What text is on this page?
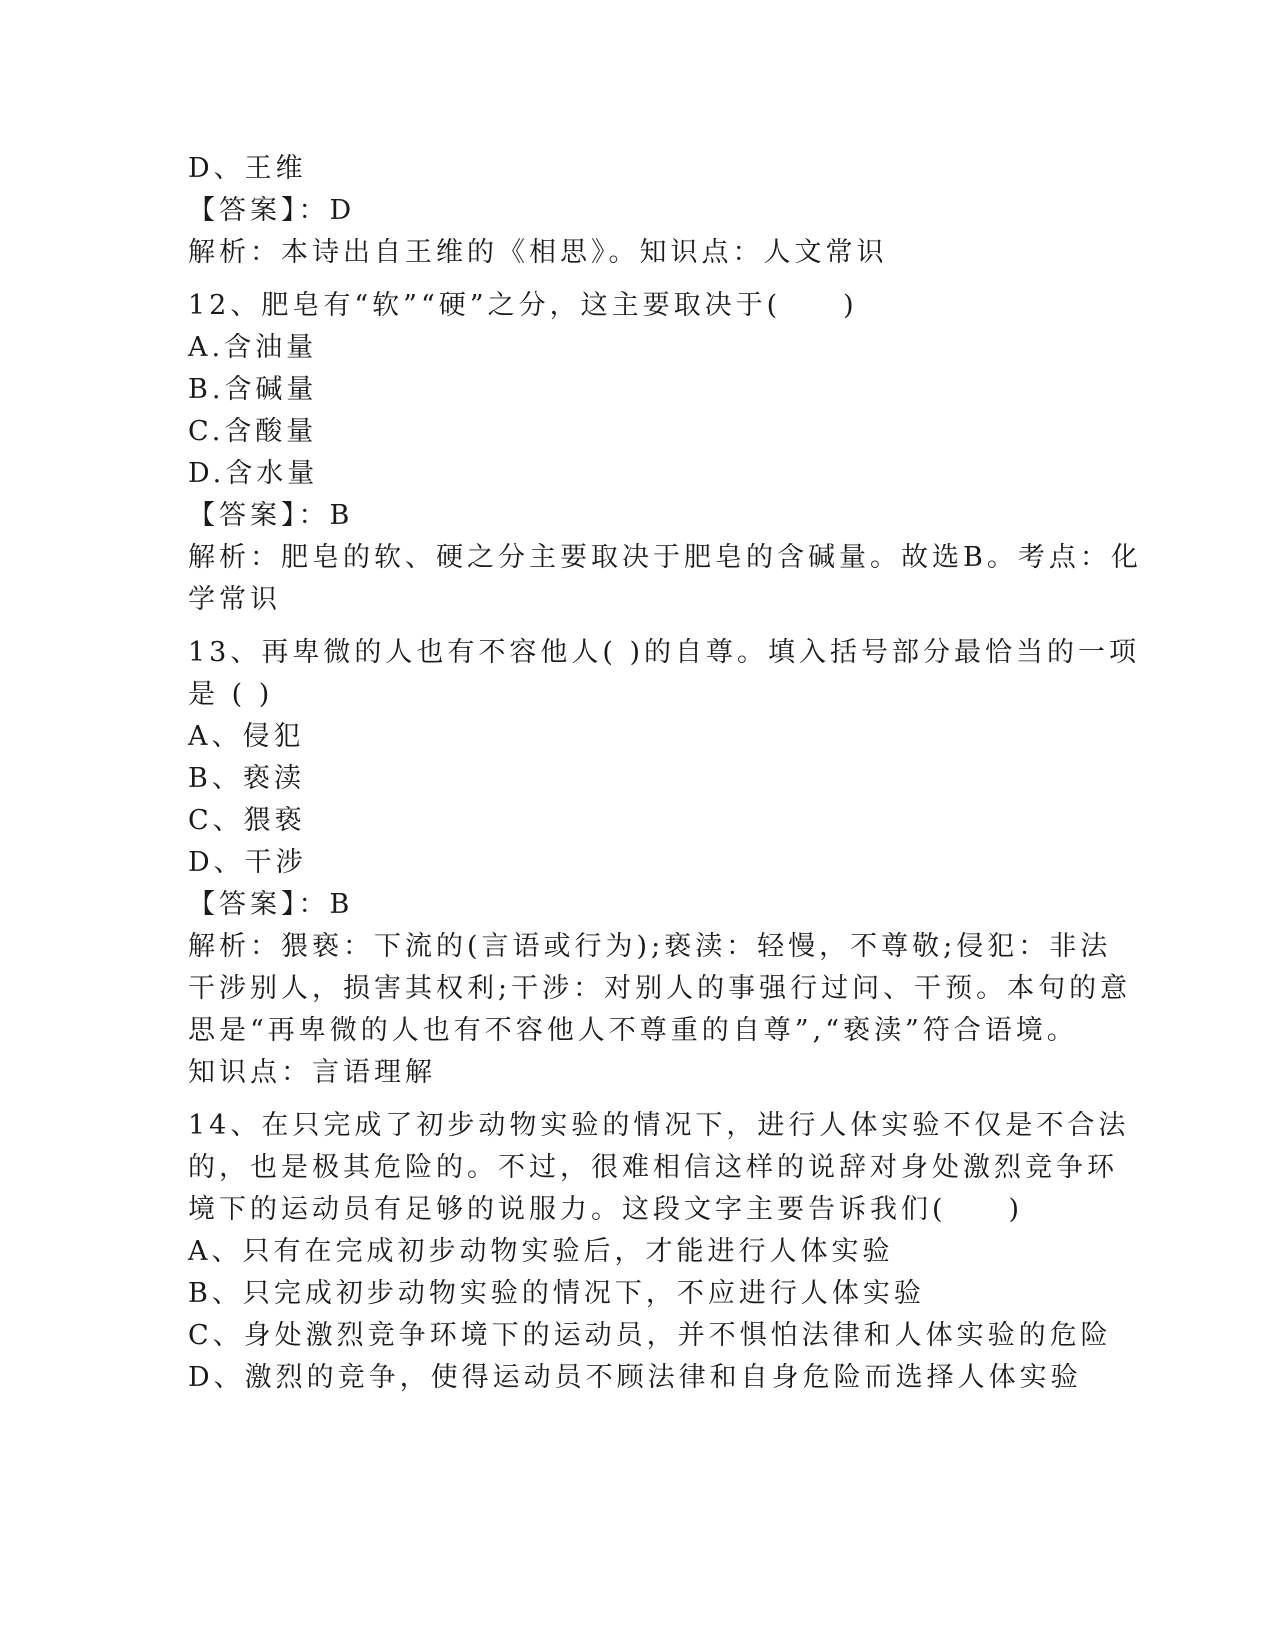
D、王维
【答案】：D
解析：本诗出自王维的《相思》。知识点：人文常识
12、肥皂有“软”“硬”之分，这主要取决于(　　)
A.含油量
B.含碱量
C.含酸量
D.含水量
【答案】：B
解析：肥皂的软、硬之分主要取决于肥皂的含碱量。故选B。考点：化
学常识
13、再卑微的人也有不容他人( )的自尊。填入括号部分最恰当的一项
是 ( )
A、侵犯
B、亵渎
C、猥亵
D、干涉
【答案】：B
解析：猥亵：下流的(言语或行为);亵渎：轻慢，不尊敬;侵犯：非法
干涉别人，损害其权利;干涉：对别人的事强行过问、干预。本句的意
思是“再卑微的人也有不容他人不尊重的自尊”,“亵渎”符合语境。
知识点：言语理解
14、在只完成了初步动物实验的情况下，进行人体实验不仅是不合法
的，也是极其危险的。不过，很难相信这样的说辞对身处激烈竞争环
境下的运动员有足够的说服力。这段文字主要告诉我们(　　)
A、只有在完成初步动物实验后，才能进行人体实验
B、只完成初步动物实验的情况下，不应进行人体实验
C、身处激烈竞争环境下的运动员，并不惧怕法律和人体实验的危险
D、激烈的竞争，使得运动员不顾法律和自身危险而选择人体实验
